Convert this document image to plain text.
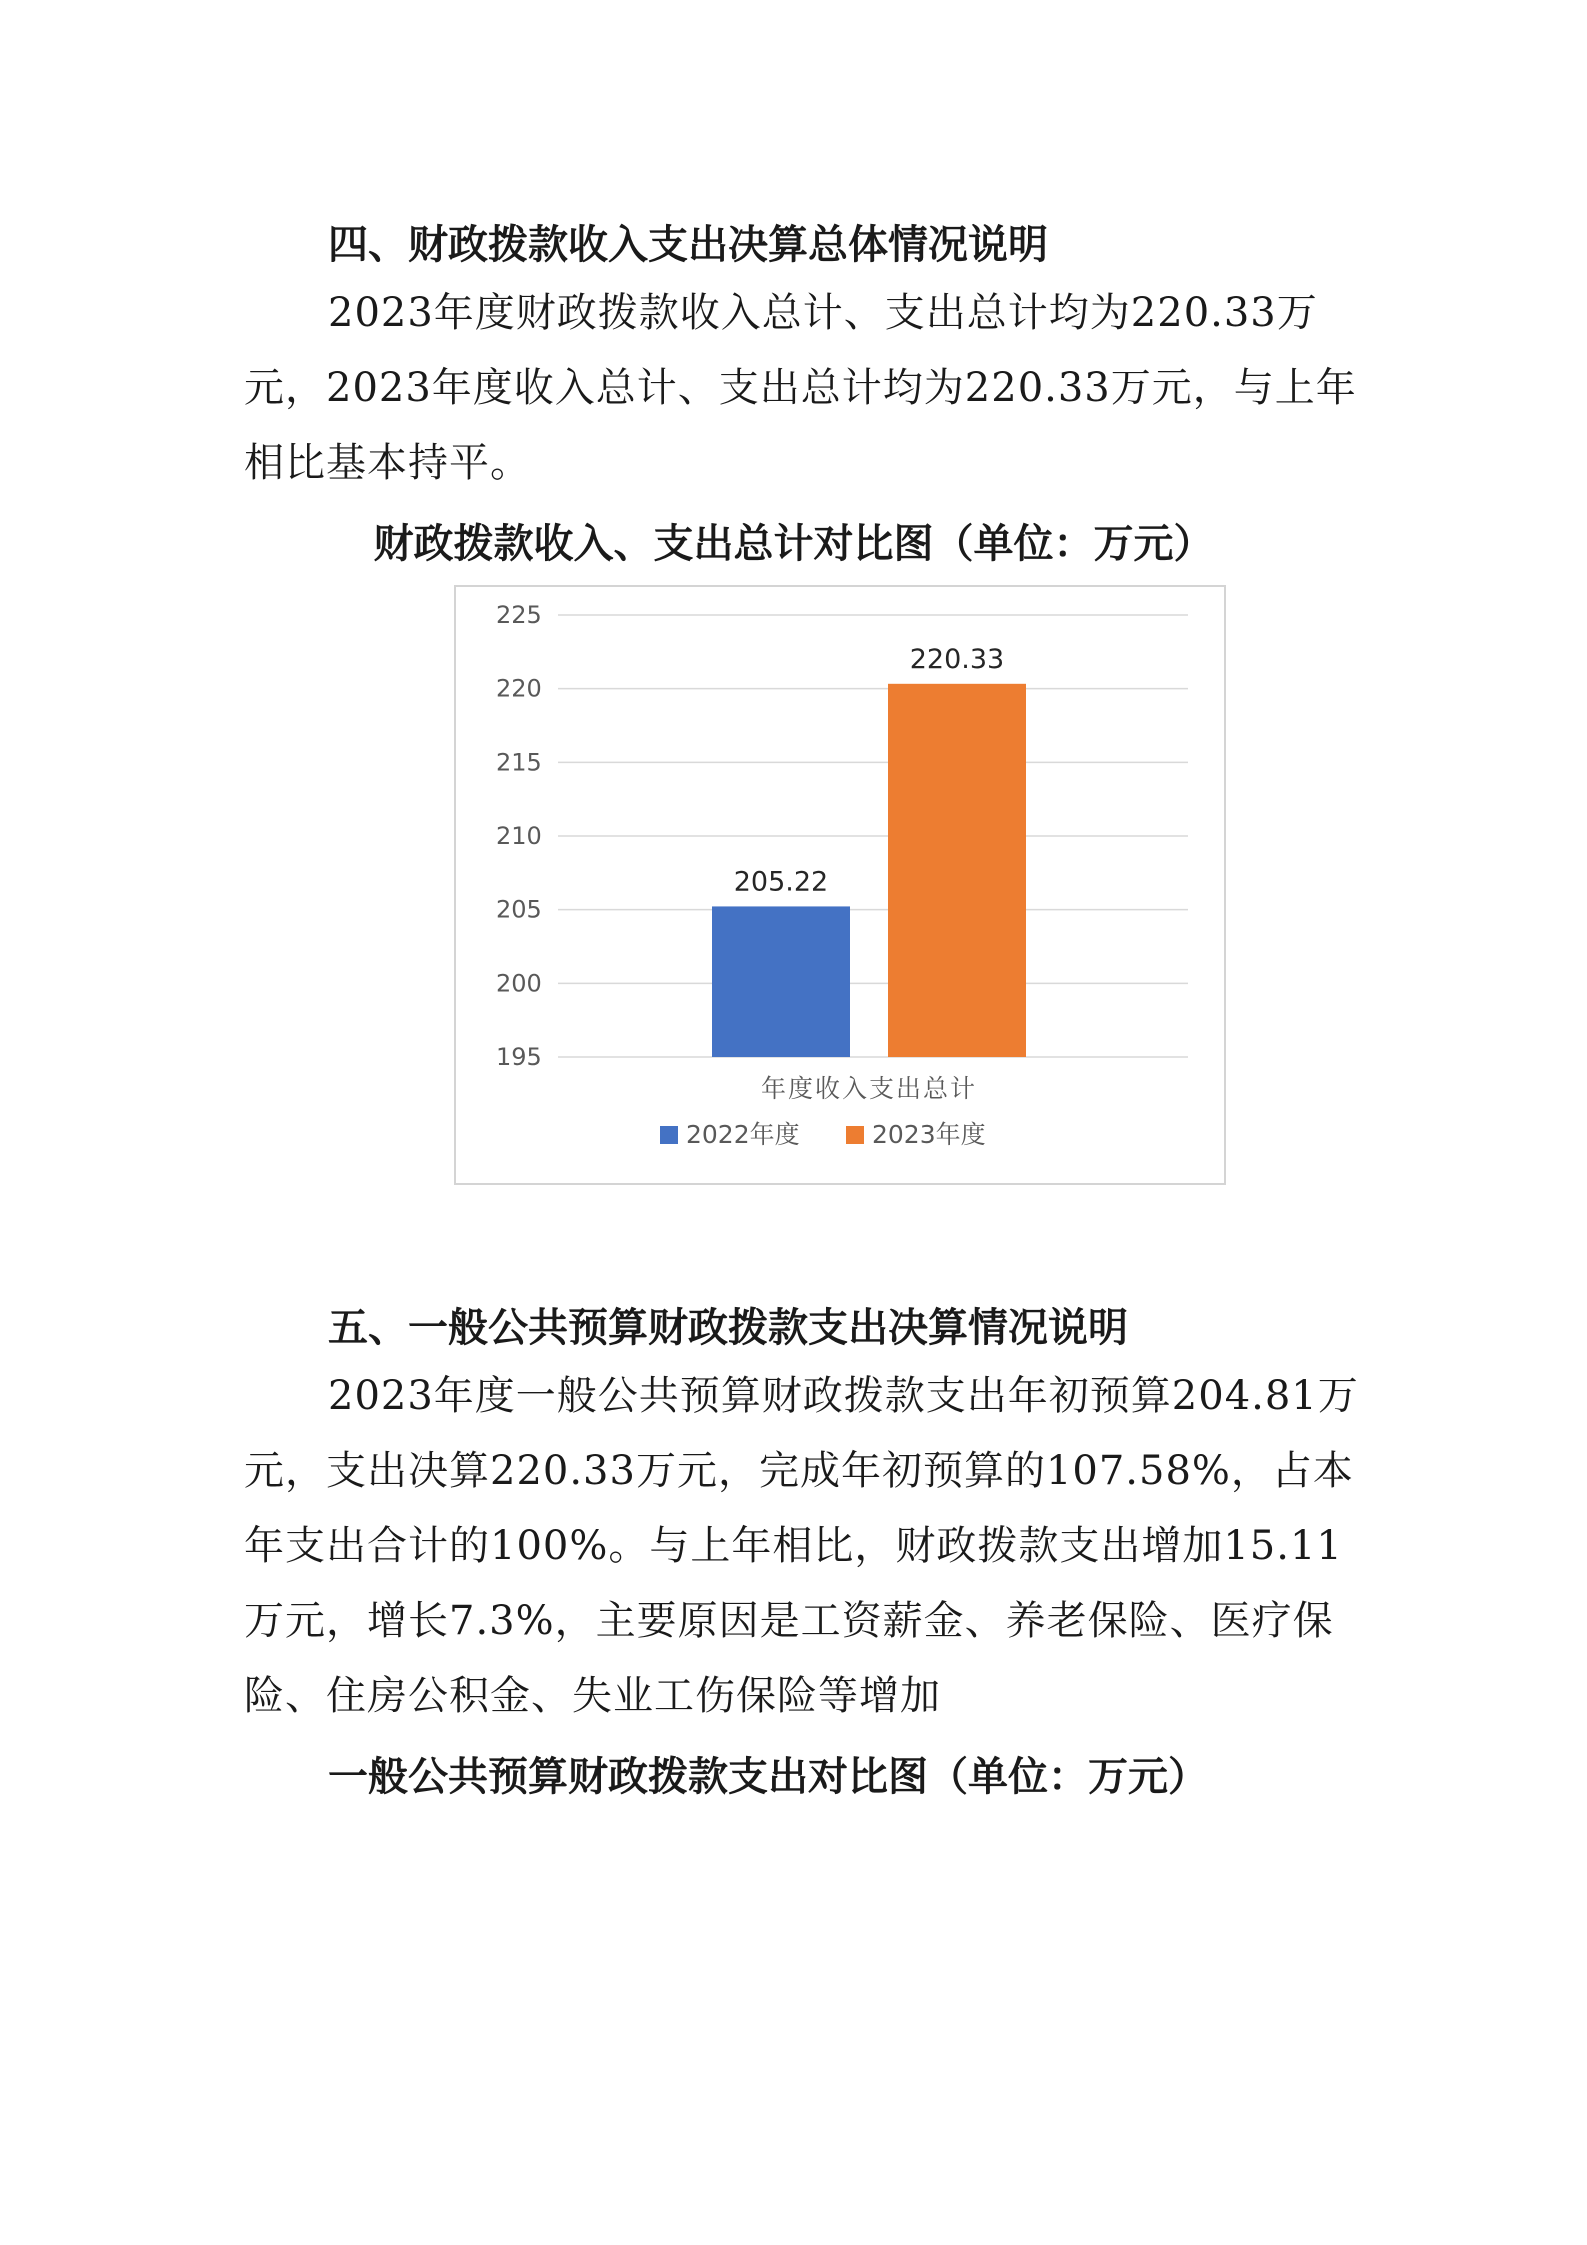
四、财政拨款收入支出决算总体情况说明

2023年度财政拨款收入总计、支出总计均为220.33万元，2023年度收入总计、支出总计均为220.33万元，与上年相比基本持平。

财政拨款收入、支出总计对比图（单位：万元）
195
200
205
210
215
220
225
205.22
220.33
年度收入支出总计
2022年度	2023年度
五、一般公共预算财政拨款支出决算情况说明

2023年度一般公共预算财政拨款支出年初预算204.81万元，支出决算220.33万元，完成年初预算的107.58%，占本年支出合计的100%。与上年相比，财政拨款支出增加15.11万元，增长7.3%，主要原因是工资薪金、养老保险、医疗保险、住房公积金、失业工伤保险等增加

一般公共预算财政拨款支出对比图（单位：万元）
